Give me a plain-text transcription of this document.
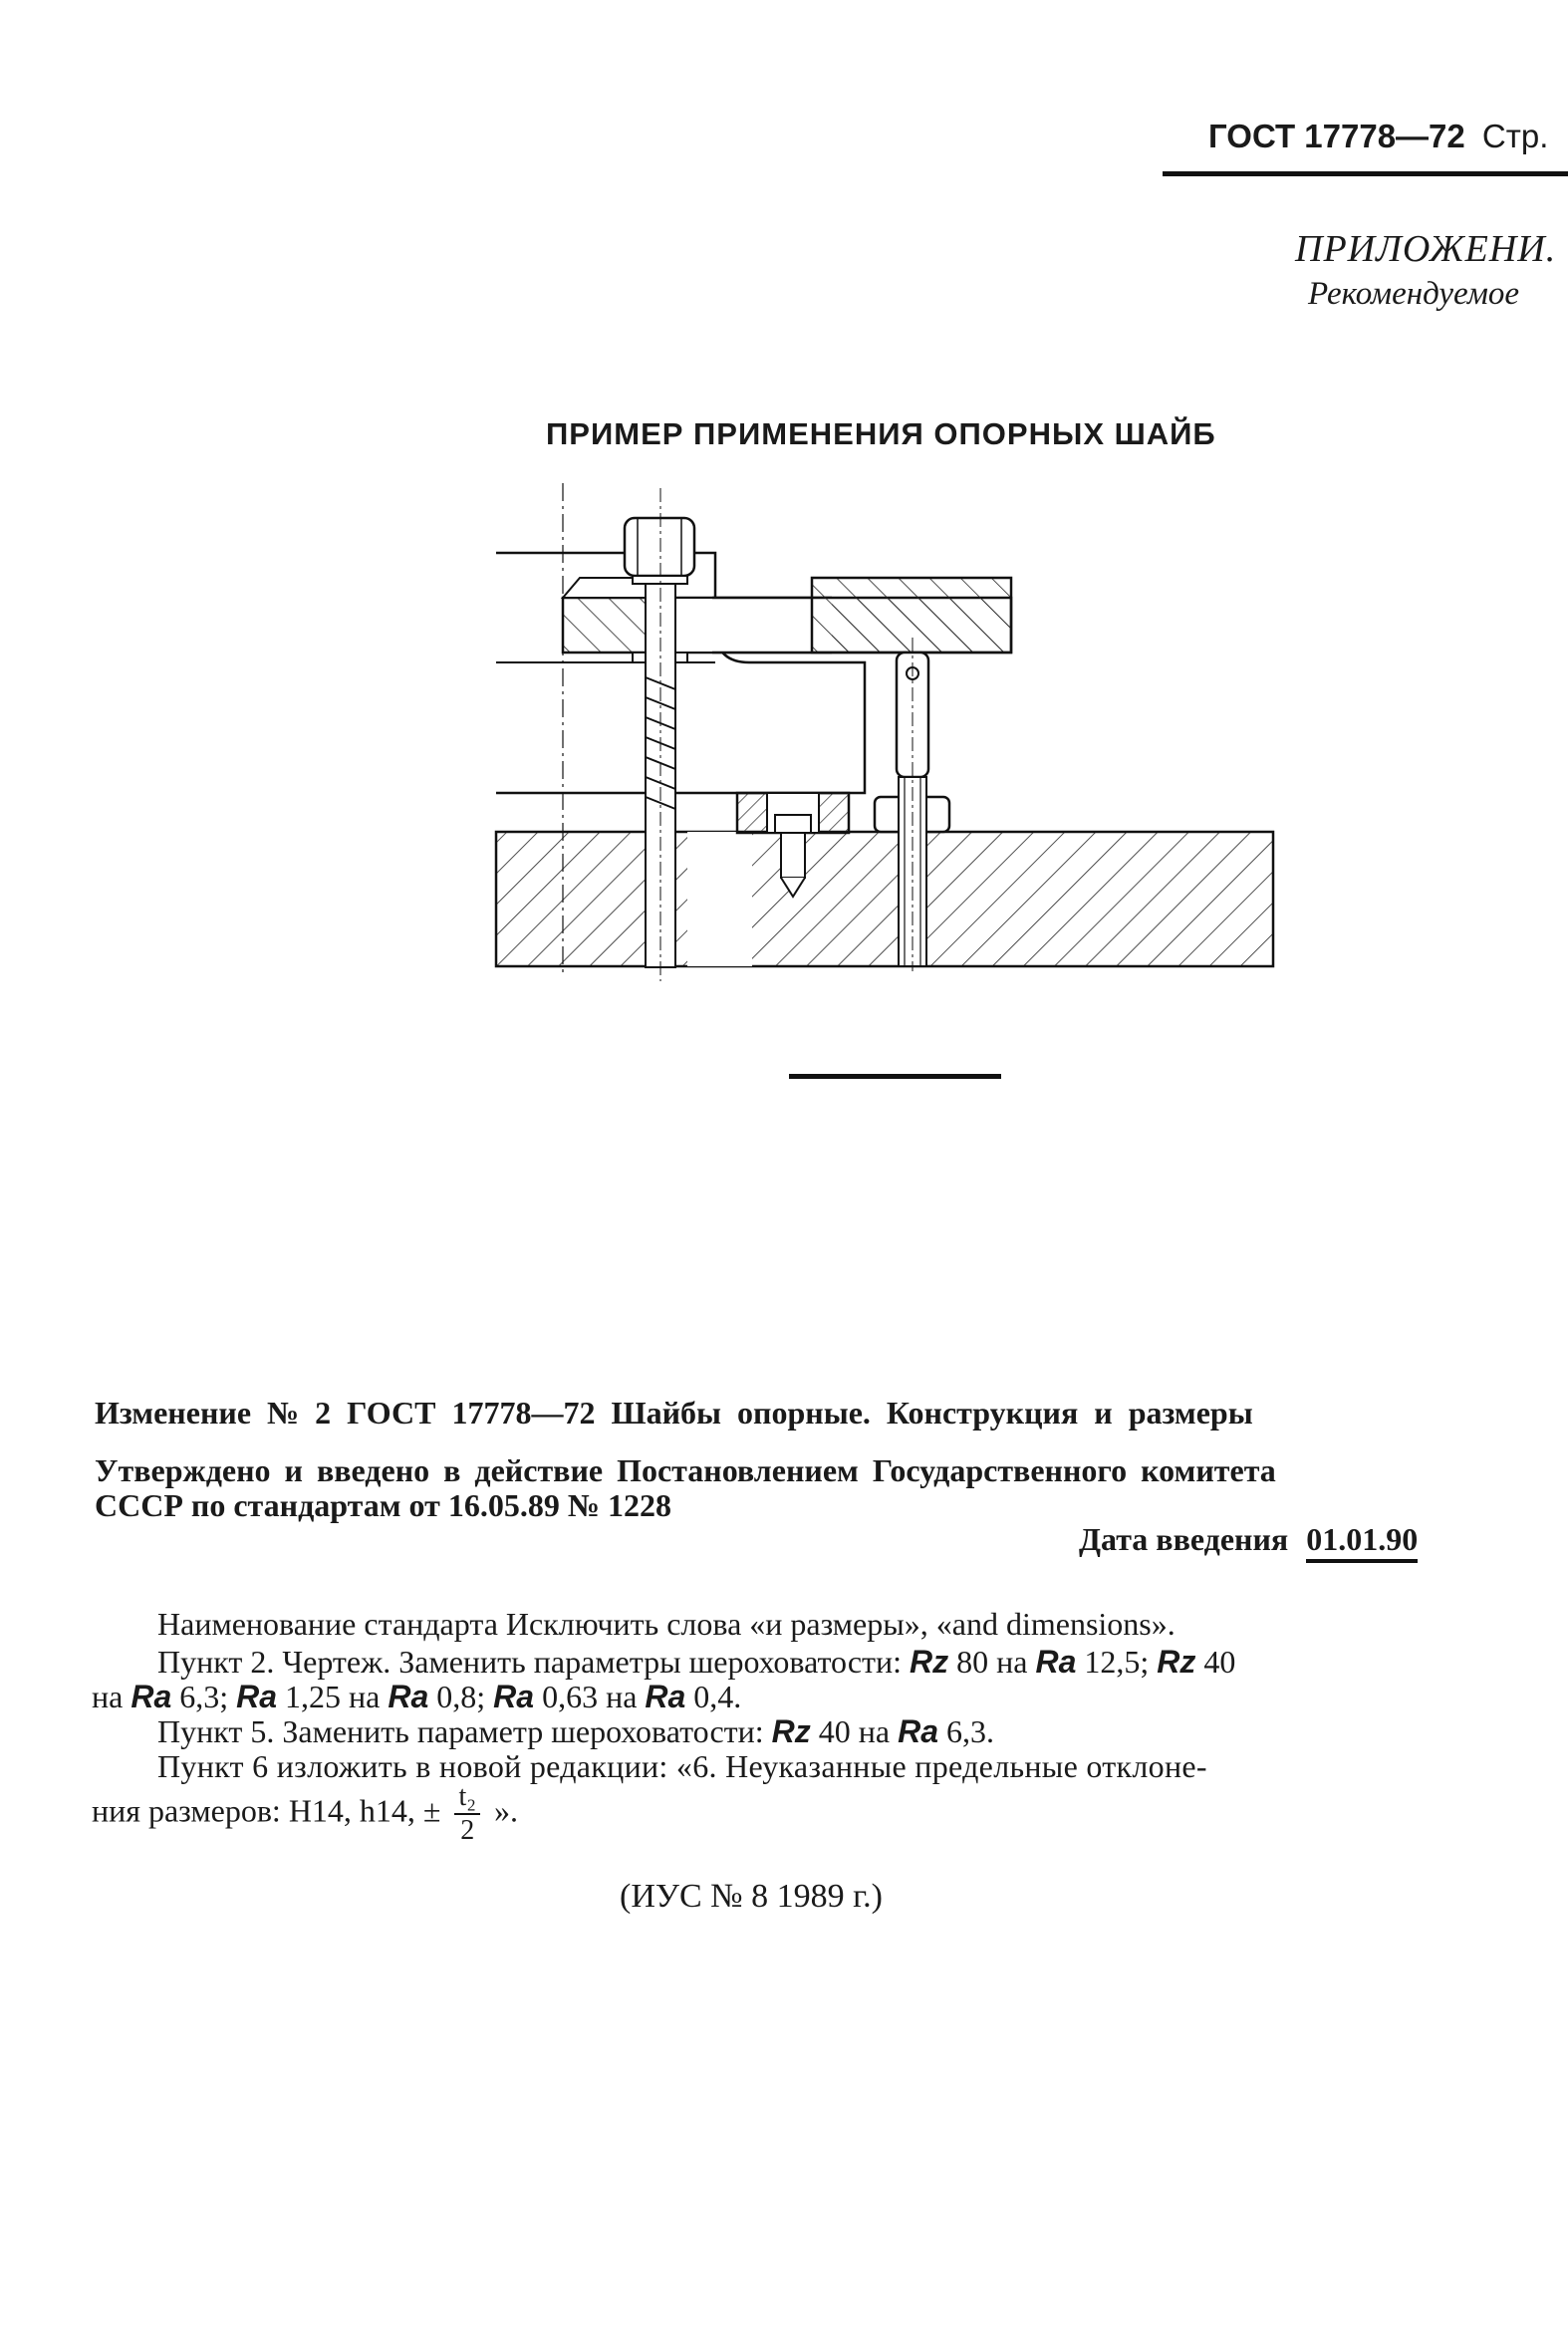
ГОСТ 17778—72 Стр.
ПРИЛОЖЕНИ.
Рекомендуемое
ПРИМЕР ПРИМЕНЕНИЯ ОПОРНЫХ ШАЙБ
Изменение № 2 ГОСТ 17778—72 Шайбы опорные. Конструкция и размеры
Утверждено и введено в действие Постановлением Государственного комитета
СССР по стандартам от 16.05.89 № 1228
Дата введения 01.01.90
Наименование стандарта Исключить слова «и размеры», «and dimensions».
Пункт 2. Чертеж. Заменить параметры шероховатости: Rz 80 на Ra 12,5; Rz 40
на Ra 6,3; Ra 1,25 на Ra 0,8; Ra 0,63 на Ra 0,4.
Пункт 5. Заменить параметр шероховатости: Rz 40 на Ra 6,3.
Пункт 6 изложить в новой редакции: «6. Неуказанные предельные отклоне-
ния размеров: H14, h14, ± $\frac{\text{t₂}}{2}$ ».
(ИУС № 8 1989 г.)
